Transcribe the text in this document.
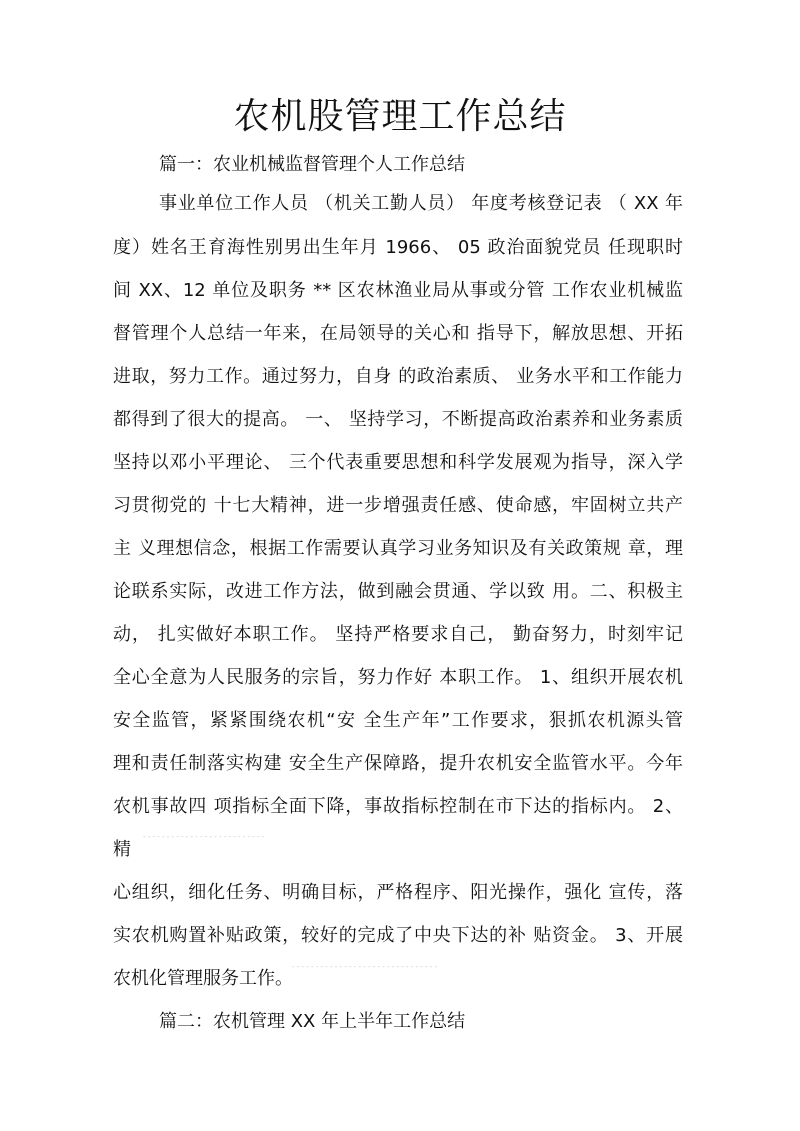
农机股管理工作总结
篇一：农业机械监督管理个人工作总结
事业单位工作人员 （机关工勤人员） 年度考核登记表 （ XX 年
度）姓名王育海性别男出生年月 1966、 05 政治面貌党员 任现职时
间 XX、12 单位及职务 ** 区农林渔业局从事或分管 工作农业机械监
督管理个人总结一年来，在局领导的关心和 指导下，解放思想、开拓
进取，努力工作。通过努力，自身 的政治素质、 业务水平和工作能力
都得到了很大的提高。 一、 坚持学习，不断提高政治素养和业务素质
坚持以邓小平理论、 三个代表重要思想和科学发展观为指导，深入学
习贯彻党的 十七大精神，进一步增强责任感、使命感，牢固树立共产
主 义理想信念，根据工作需要认真学习业务知识及有关政策规 章，理
论联系实际，改进工作方法，做到融会贯通、学以致 用。二、积极主
动， 扎实做好本职工作。 坚持严格要求自己， 勤奋努力，时刻牢记
全心全意为人民服务的宗旨，努力作好 本职工作。 1、组织开展农机
安全监管，紧紧围绕农机“安 全生产年”工作要求，狠抓农机源头管
理和责任制落实构建 安全生产保障路，提升农机安全监管水平。今年
农机事故四 项指标全面下降，事故指标控制在市下达的指标内。 2、
精
- - - - - - - - - - - - - - - - - - - - - - - - - -
心组织，细化任务、明确目标，严格程序、阳光操作，强化 宣传，落
实农机购置补贴政策，较好的完成了中央下达的补 贴资金。 3、开展
农机化管理服务工作。
- - - - - - - - - - - - - - - - - - - - - - - - - - - - - - -
篇二：农机管理 XX 年上半年工作总结
